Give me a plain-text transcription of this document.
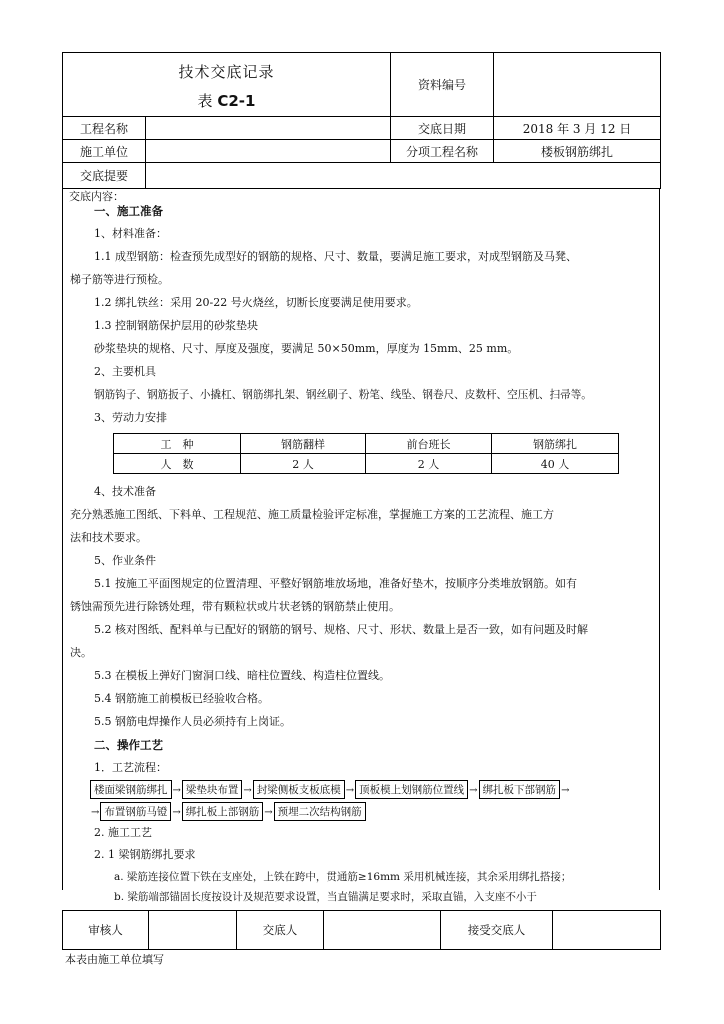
技术交底记录
表 C2-1		资料编号	
工程名称		交底日期	2018 年 3 月 12 日
施工单位		分项工程名称	楼板钢筋绑扎
交底提要			
交底内容：
一、施工准备
1、材料准备：
1.1 成型钢筋：检查预先成型好的钢筋的规格、尺寸、数量，要满足施工要求，对成型钢筋及马凳、
梯子筋等进行预检。
1.2 绑扎铁丝：采用 20-22 号火烧丝，切断长度要满足使用要求。
1.3 控制钢筋保护层用的砂浆垫块
砂浆垫块的规格、尺寸、厚度及强度，要满足 50×50mm，厚度为 15mm、25 mm。
2、主要机具
钢筋钩子、钢筋扳子、小撬杠、钢筋绑扎架、钢丝刷子、粉笔、线坠、钢卷尺、皮数杆、空压机、扫帚等。
3、劳动力安排
工　种	钢筋翻样	前台班长	钢筋绑扎
人　数	2 人	2 人	40 人
4、技术准备
充分熟悉施工图纸、下料单、工程规范、施工质量检验评定标准，掌握施工方案的工艺流程、施工方
法和技术要求。
5、作业条件
5.1 按施工平面图规定的位置清理、平整好钢筋堆放场地，准备好垫木，按顺序分类堆放钢筋。如有
锈蚀需预先进行除锈处理，带有颗粒状或片状老锈的钢筋禁止使用。
5.2 核对图纸、配料单与已配好的钢筋的钢号、规格、尺寸、形状、数量上是否一致，如有问题及时解
决。
5.3 在模板上弹好门窗洞口线、暗柱位置线、构造柱位置线。
5.4 钢筋施工前模板已经验收合格。
5.5 钢筋电焊操作人员必须持有上岗证。
二、操作工艺
1．工艺流程：
楼面梁钢筋绑扎 → 梁垫块布置 → 封梁侧板支板底模 → 顶板模上划钢筋位置线 → 绑扎板下部钢筋 →
→ 布置钢筋马镫 → 绑扎板上部钢筋 → 预埋二次结构钢筋
2. 施工工艺
2. 1 梁钢筋绑扎要求
a. 梁筋连接位置下铁在支座处，上铁在跨中，贯通筋≥16mm 采用机械连接，其余采用绑扎搭接；
b. 梁筋端部锚固长度按设计及规范要求设置，当直锚满足要求时，采取直锚，入支座不小于
审核人		交底人		接受交底人	
本表由施工单位填写
